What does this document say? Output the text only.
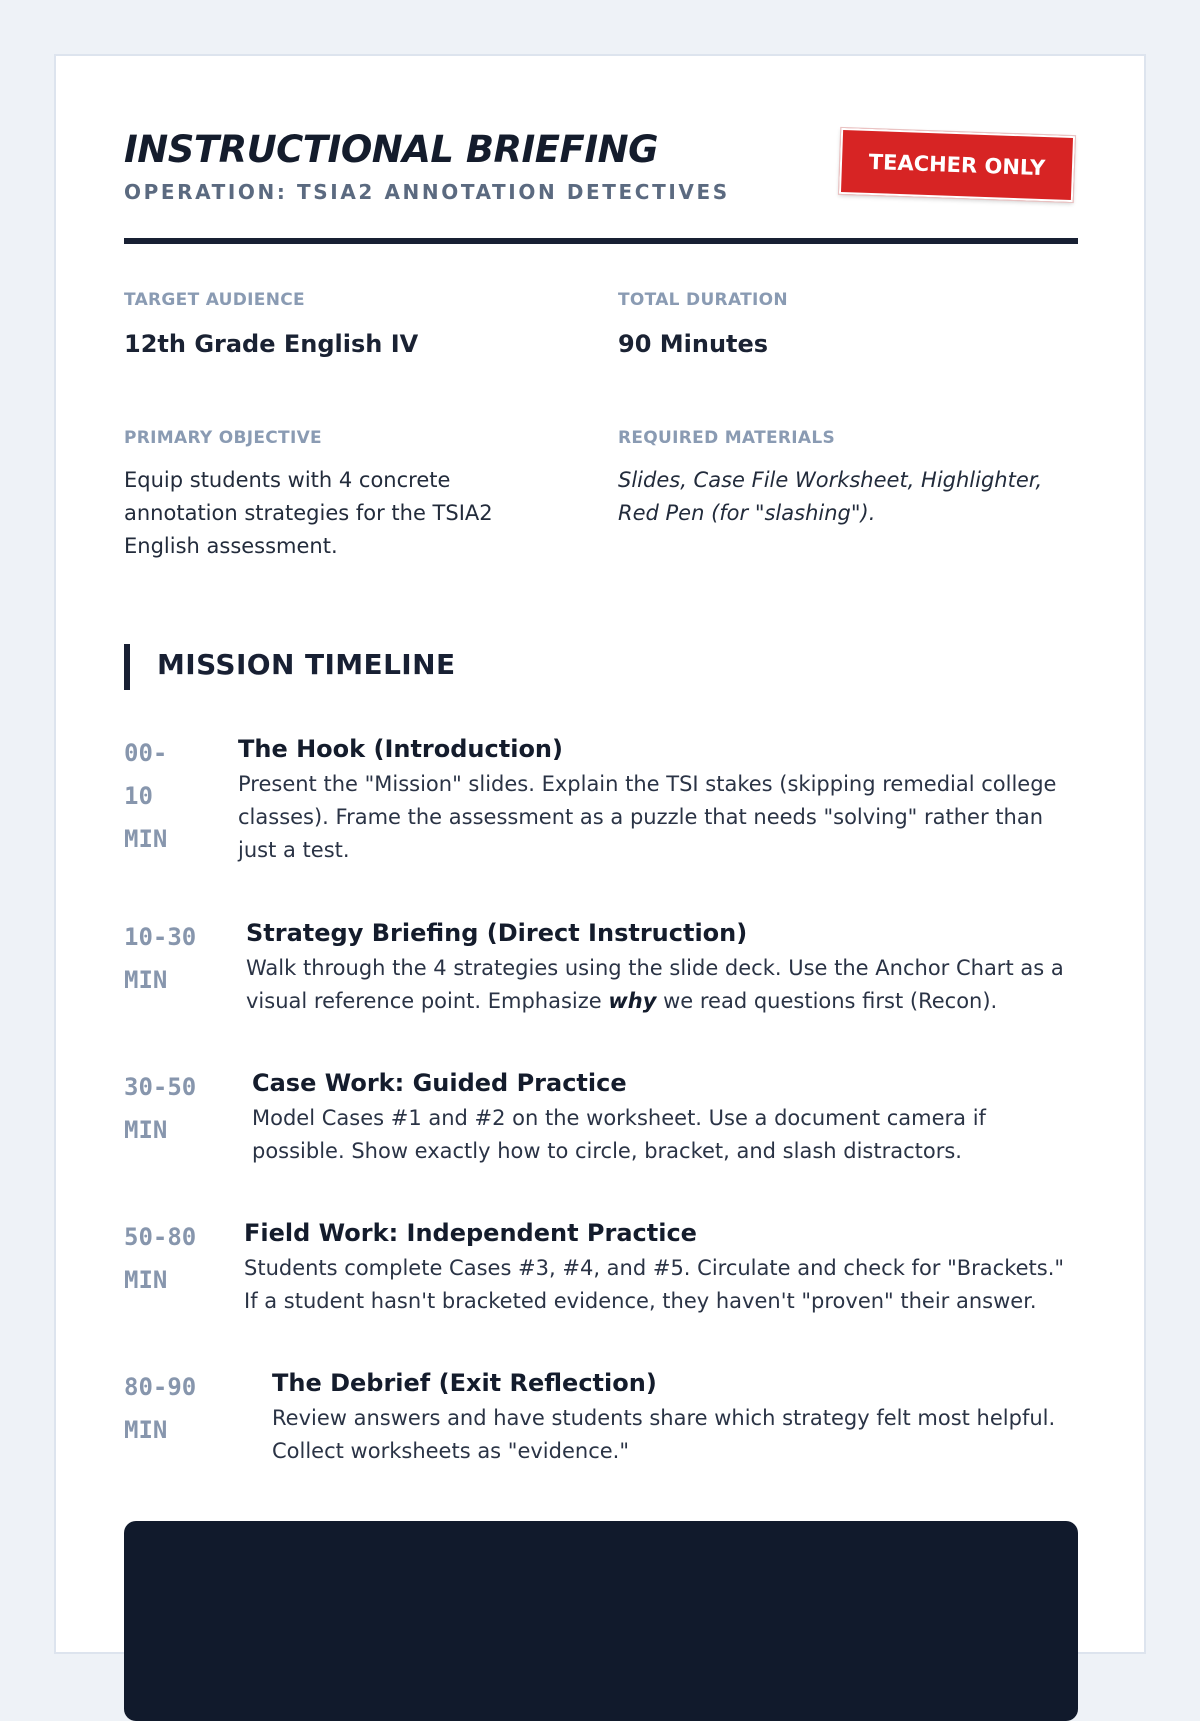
INSTRUCTIONAL BRIEFING
OPERATION: TSIA2 ANNOTATION DETECTIVES
TEACHER ONLY
TARGET AUDIENCE
12th Grade English IV
TOTAL DURATION
90 Minutes
PRIMARY OBJECTIVE
Equip students with 4 concrete annotation strategies for the TSIA2 English assessment.
REQUIRED MATERIALS
Slides, Case File Worksheet, Highlighter, Red Pen (for "slashing").
MISSION TIMELINE
00-
10
MIN
The Hook (Introduction)
Present the "Mission" slides. Explain the TSI stakes (skipping remedial college classes). Frame the assessment as a puzzle that needs "solving" rather than just a test.
10-30
MIN
Strategy Briefing (Direct Instruction)
Walk through the 4 strategies using the slide deck. Use the Anchor Chart as a visual reference point. Emphasize why we read questions first (Recon).
30-50
MIN
Case Work: Guided Practice
Model Cases #1 and #2 on the worksheet. Use a document camera if possible. Show exactly how to circle, bracket, and slash distractors.
50-80
MIN
Field Work: Independent Practice
Students complete Cases #3, #4, and #5. Circulate and check for "Brackets." If a student hasn't bracketed evidence, they haven't "proven" their answer.
80-90
MIN
The Debrief (Exit Reflection)
Review answers and have students share which strategy felt most helpful. Collect worksheets as "evidence."
